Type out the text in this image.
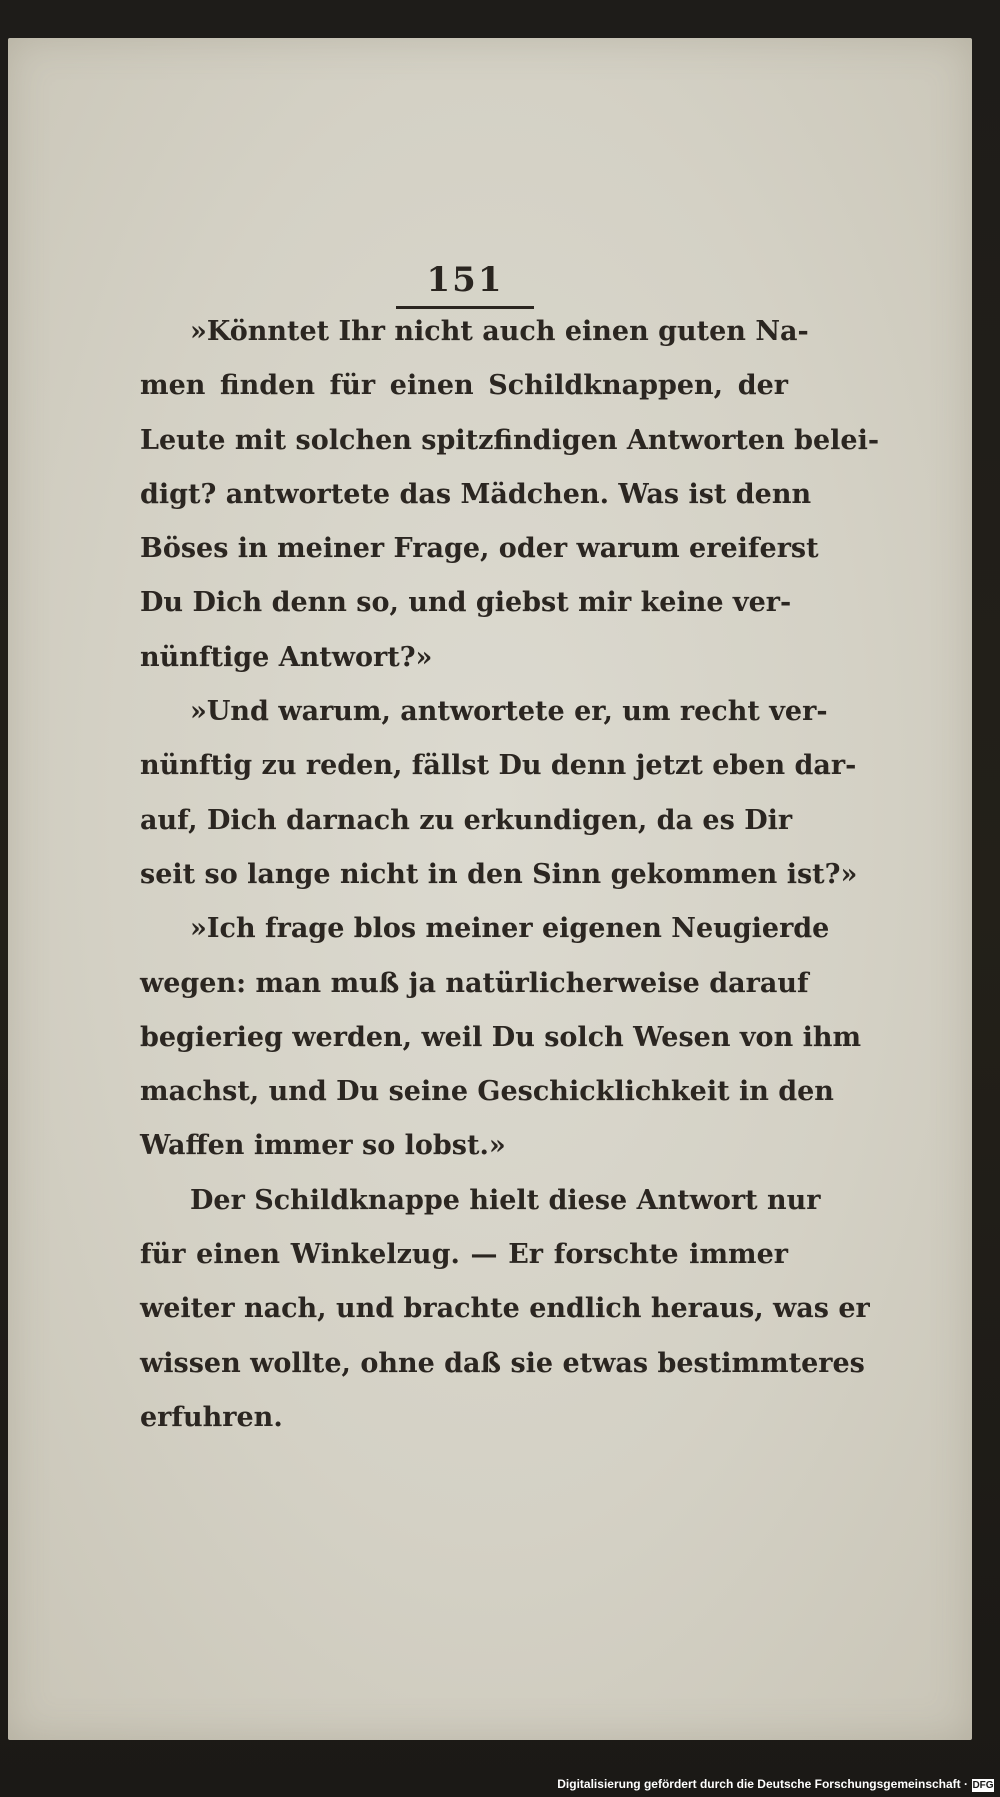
151
»Könntet Ihr nicht auch einen guten Na-
men finden für einen Schildknappen, der
Leute mit solchen spitzfindigen Antworten belei-
digt? antwortete das Mädchen. Was ist denn
Böses in meiner Frage, oder warum ereiferst
Du Dich denn so, und giebst mir keine ver-
nünftige Antwort?»
»Und warum, antwortete er, um recht ver-
nünftig zu reden, fällst Du denn jetzt eben dar-
auf, Dich darnach zu erkundigen, da es Dir
seit so lange nicht in den Sinn gekommen ist?»
»Ich frage blos meiner eigenen Neugierde
wegen: man muß ja natürlicherweise darauf
begierieg werden, weil Du solch Wesen von ihm
machst, und Du seine Geschicklichkeit in den
Waffen immer so lobst.»
Der Schildknappe hielt diese Antwort nur
für einen Winkelzug. — Er forschte immer
weiter nach, und brachte endlich heraus, was er
wissen wollte, ohne daß sie etwas bestimmteres
erfuhren.
Digitalisierung gefördert durch die Deutsche Forschungsgemeinschaft · DFG
